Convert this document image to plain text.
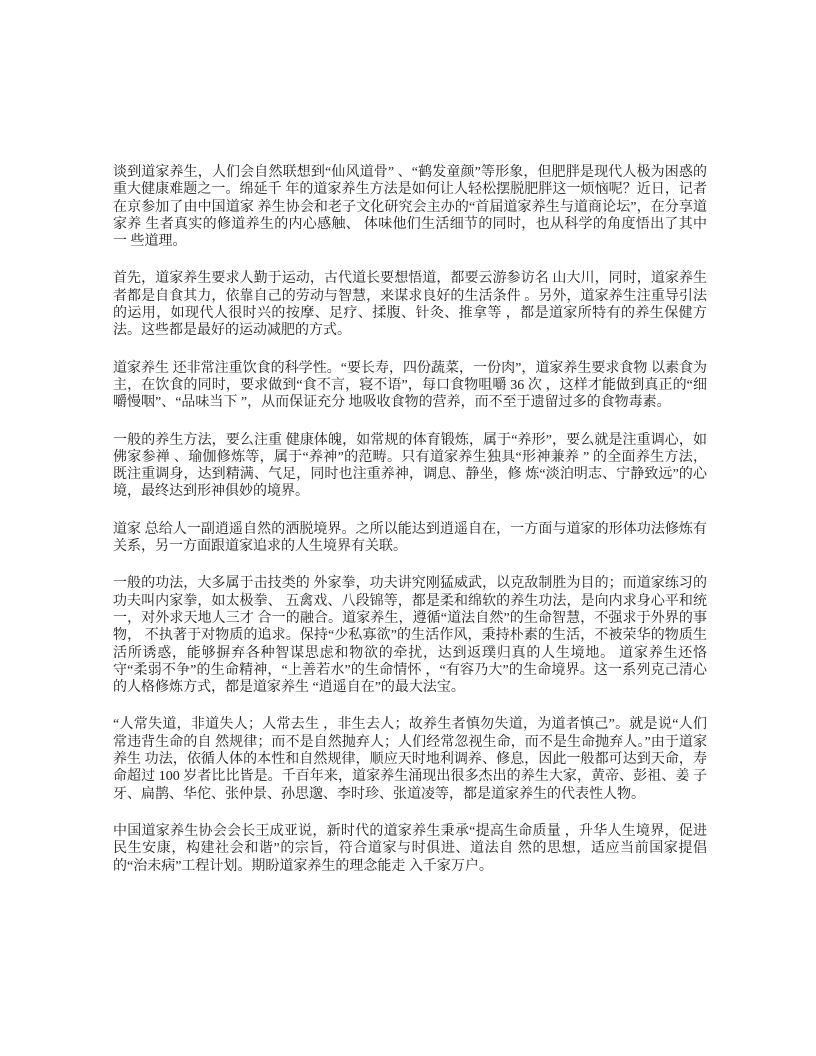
谈到道家养生，人们会自然联想到“仙风道骨” 、“鹤发童颜”等形象，但肥胖是现代人极为困惑的重大健康难题之一。绵延千 年的道家养生方法是如何让人轻松摆脱肥胖这一烦恼呢？近日，记者在京参加了由中国道家 养生协会和老子文化研究会主办的“首届道家养生与道商论坛”，在分享道家养 生者真实的修道养生的内心感触、 体味他们生活细节的同时，也从科学的角度悟出了其中一 些道理。

首先，道家养生要求人勤于运动，古代道长要想悟道，都要云游参访名 山大川，同时，道家养生者都是自食其力，依靠自己的劳动与智慧，来谋求良好的生活条件 。另外，道家养生注重导引法的运用，如现代人很时兴的按摩、足疗、揉腹、针灸、推拿等 ，都是道家所特有的养生保健方法。这些都是最好的运动减肥的方式。

道家养生 还非常注重饮食的科学性。“要长寿，四份蔬菜，一份肉”，道家养生要求食物 以素食为主，在饮食的同时，要求做到“食不言，寝不语”，每口食物咀嚼 36 次 ，这样才能做到真正的“细嚼慢咽”、“品味当下 ”，从而保证充分 地吸收食物的营养，而不至于遗留过多的食物毒素。

一般的养生方法，要么注重 健康体魄，如常规的体育锻炼，属于“养形”，要么就是注重调心，如佛家参禅 、瑜伽修炼等，属于“养神”的范畴。只有道家养生独具“形神兼养 ” 的全面养生方法，既注重调身，达到精满、气足，同时也注重养神，调息、静坐，修 炼“淡泊明志、宁静致远”的心境，最终达到形神俱妙的境界。

道家 总给人一副逍遥自然的洒脱境界。之所以能达到逍遥自在，一方面与道家的形体功法修炼有 关系，另一方面跟道家追求的人生境界有关联。

一般的功法，大多属于击技类的 外家拳，功夫讲究刚猛威武，以克敌制胜为目的；而道家练习的功夫叫内家拳，如太极拳、 五禽戏、八段锦等，都是柔和绵软的养生功法，是向内求身心平和统一，对外求天地人三才 合一的融合。道家养生，遵循“道法自然”的生命智慧，不强求于外界的事物， 不执著于对物质的追求。保持“少私寡欲”的生活作风，秉持朴素的生活，不被荣华的物质生活所诱惑，能够摒弃各种智谋思虑和物欲的牵扰，达到返璞归真的人生境地。 道家养生还恪守“柔弱不争”的生命精神，“上善若水”的生命情怀 ，“有容乃大”的生命境界。这一系列克己清心的人格修炼方式，都是道家养生 “逍遥自在”的最大法宝。

“人常失道，非道失人；人常去生 ，非生去人；故养生者慎勿失道，为道者慎己”。就是说“人们常违背生命的自 然规律；而不是自然抛弃人；人们经常忽视生命，而不是生命抛弃人。”由于道家养生 功法，依循人体的本性和自然规律，顺应天时地利调养、修息，因此一般都可达到天命，寿 命超过 100 岁者比比皆是。千百年来，道家养生涌现出很多杰出的养生大家，黄帝、彭祖、姜 子牙、扁鹊、华佗、张仲景、孙思邈、李时珍、张道凌等，都是道家养生的代表性人物。

中国道家养生协会会长王成亚说，新时代的道家养生秉承“提高生命质量 ，升华人生境界，促进民生安康，构建社会和谐”的宗旨，符合道家与时俱进、道法自 然的思想，适应当前国家提倡的“治未病”工程计划。期盼道家养生的理念能走 入千家万户。
